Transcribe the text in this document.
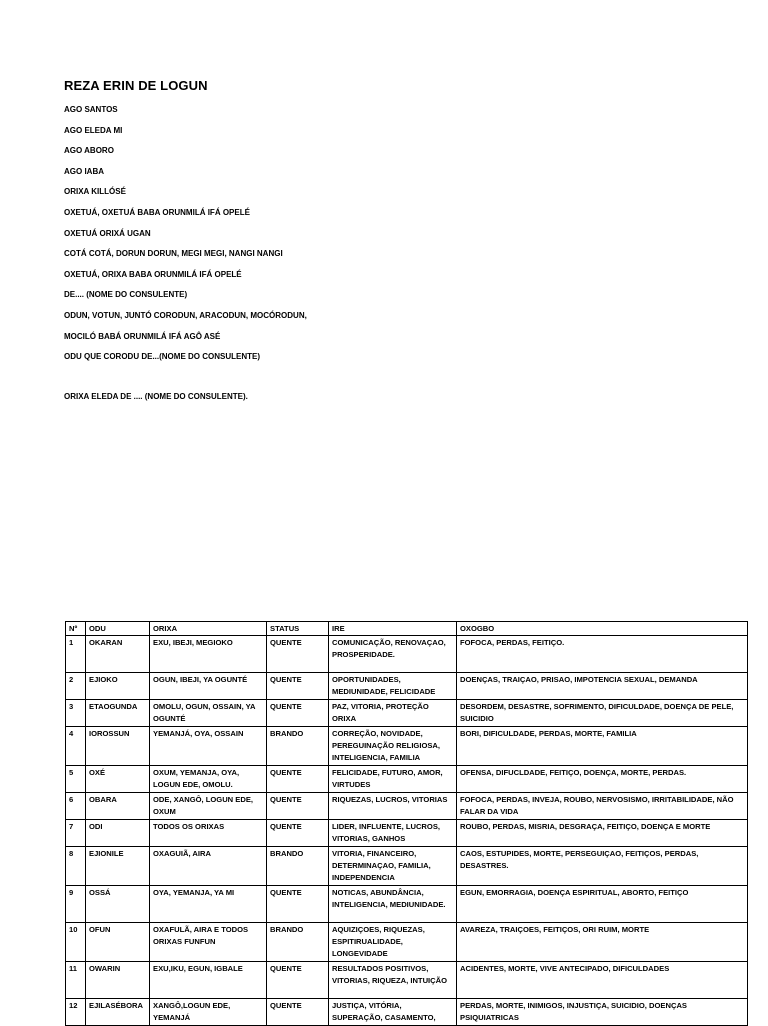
REZA ERIN DE LOGUN
AGO SANTOS
AGO ELEDA MI
AGO ABORO
AGO IABA
ORIXA KILLÓSÉ
OXETUÁ, OXETUÁ BABA ORUNMILÁ IFÁ OPELÉ
OXETUÁ ORIXÁ UGAN
COTÁ COTÁ, DORUN DORUN, MEGI MEGI, NANGI NANGI
OXETUÁ, ORIXA BABA ORUNMILÁ IFÁ OPELÉ
DE.... (NOME DO CONSULENTE)
ODUN, VOTUN, JUNTÓ CORODUN, ARACODUN, MOCÓRODUN,
MOCILÓ BABÁ ORUNMILÁ IFÁ AGÔ ASÉ
ODU QUE CORODU DE...(NOME DO CONSULENTE)
ORIXA ELEDA DE .... (NOME DO CONSULENTE).
Nº	ODU	ORIXA	STATUS	IRE	OXOGBO
1	OKARAN	EXU, IBEJI, MEGIOKO	QUENTE	COMUNICAÇÃO, RENOVAÇAO, PROSPERIDADE.	FOFOCA, PERDAS, FEITIÇO.
2	EJIOKO	OGUN, IBEJI, YA OGUNTÉ	QUENTE	OPORTUNIDADES, MEDIUNIDADE, FELICIDADE	DOENÇAS, TRAIÇAO, PRISAO, IMPOTENCIA SEXUAL, DEMANDA
3	ETAOGUNDA	OMOLU, OGUN, OSSAIN, YA OGUNTÉ	QUENTE	PAZ, VITORIA, PROTEÇÃO ORIXA	DESORDEM, DESASTRE, SOFRIMENTO, DIFICULDADE, DOENÇA DE PELE, SUICIDIO
4	IOROSSUN	YEMANJÁ, OYA, OSSAIN	BRANDO	CORREÇÃO, NOVIDADE, PEREGUINAÇÃO RELIGIOSA, INTELIGENCIA, FAMILIA	BORI, DIFICULDADE, PERDAS, MORTE, FAMILIA
5	OXÉ	OXUM, YEMANJA, OYA, LOGUN EDE, OMOLU.	QUENTE	FELICIDADE, FUTURO, AMOR, VIRTUDES	OFENSA, DIFUCLDADE, FEITIÇO, DOENÇA, MORTE, PERDAS.
6	OBARA	ODE, XANGÔ, LOGUN EDE, OXUM	QUENTE	RIQUEZAS, LUCROS, VITORIAS	FOFOCA, PERDAS, INVEJA, ROUBO, NERVOSISMO, IRRITABILIDADE, NÃO FALAR DA VIDA
7	ODI	TODOS OS ORIXAS	QUENTE	LIDER, INFLUENTE, LUCROS, VITORIAS, GANHOS	ROUBO, PERDAS, MISRIA, DESGRAÇA, FEITIÇO, DOENÇA E MORTE
8	EJIONILE	OXAGUIÃ, AIRA	BRANDO	VITORIA, FINANCEIRO, DETERMINAÇAO, FAMILIA, INDEPENDENCIA	CAOS, ESTUPIDES, MORTE, PERSEGUIÇAO, FEITIÇOS, PERDAS, DESASTRES.
9	OSSÁ	OYA, YEMANJA, YA MI	QUENTE	NOTICAS, ABUNDÂNCIA, INTELIGENCIA, MEDIUNIDADE.	EGUN, EMORRAGIA, DOENÇA ESPIRITUAL, ABORTO, FEITIÇO
10	OFUN	OXAFULÃ, AIRA E TODOS ORIXAS FUNFUN	BRANDO	AQUIZIÇOES, RIQUEZAS, ESPITIRUALIDADE, LONGEVIDADE	AVAREZA, TRAIÇOES, FEITIÇOS, ORI RUIM, MORTE
11	OWARIN	EXU,IKU, EGUN, IGBALE	QUENTE	RESULTADOS POSITIVOS, VITORIAS, RIQUEZA, INTUIÇÃO	ACIDENTES, MORTE, VIVE ANTECIPADO, DIFICULDADES
12	EJILASÉBORA	XANGÔ,LOGUN EDE, YEMANJÁ	QUENTE	JUSTIÇA, VITÓRIA, SUPERAÇÃO, CASAMENTO,	PERDAS, MORTE, INIMIGOS, INJUSTIÇA, SUICIDIO, DOENÇAS PSIQUIATRICAS
